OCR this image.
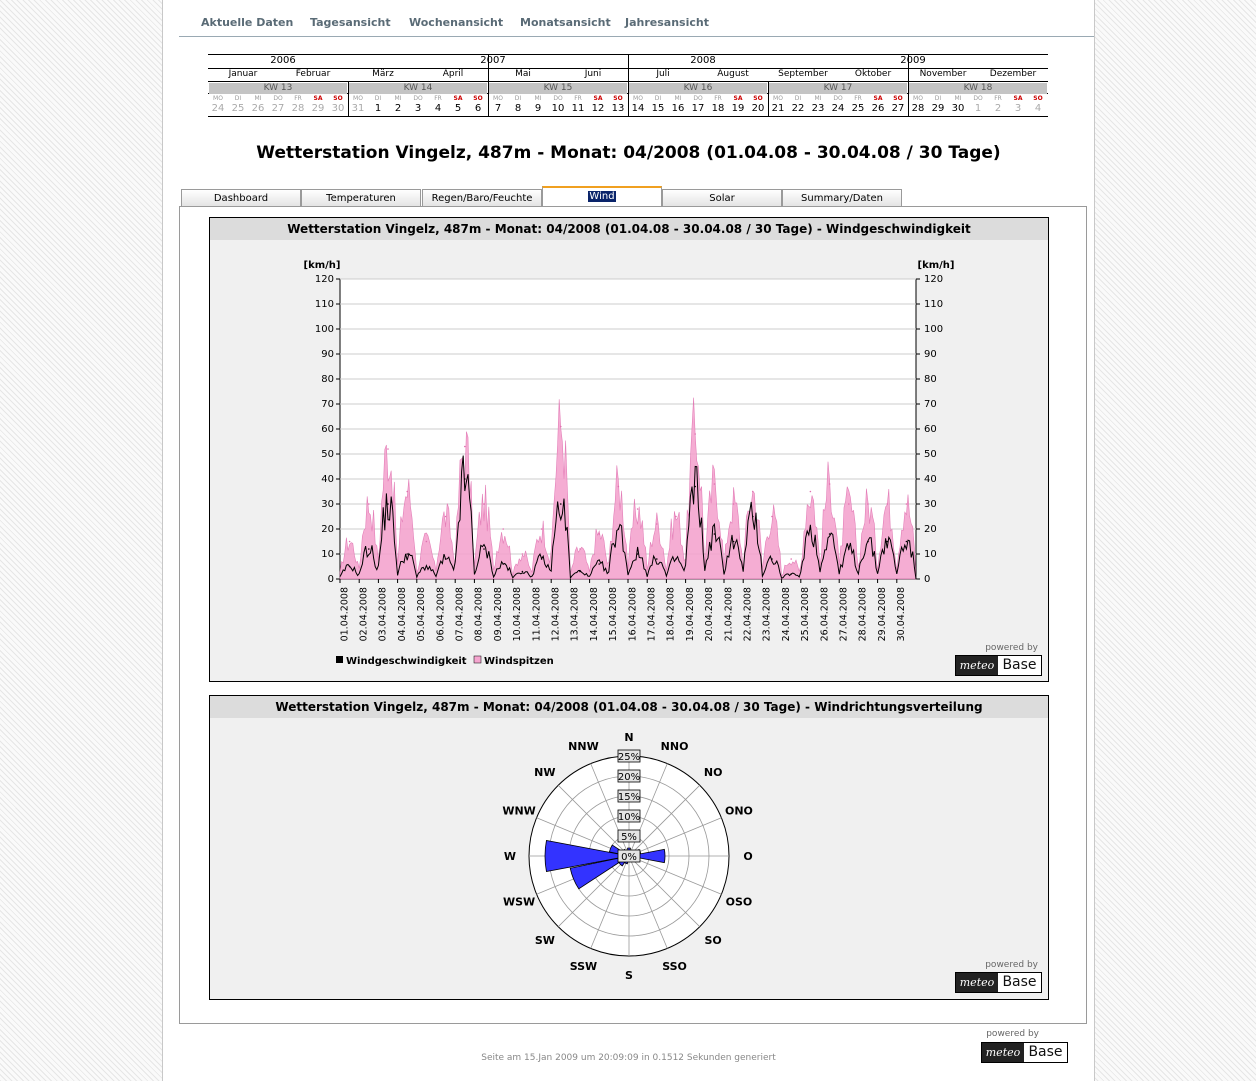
Aktuelle Daten Tagesansicht Wochenansicht Monatsansicht Jahresansicht
2006	2007	2008	2009
Januar	Februar	März	April	Mai	Juni	Juli	August	September	Oktober	November	Dezember
KW 13
MO	DI	MI	DO	FR	SA	SO
24 25 26 27 28 29 30
KW 14
MO	DI	MI	DO	FR	SA	SO
31	1	2	3	4	5	6
KW 15
MO	DI	MI	DO	FR	SA	SO
7	8	9	10 11 12 13
KW 16
MO	DI	MI	DO	FR	SA	SO
14 15 16 17 18 19 20
KW 17
MO	DI	MI	DO	FR	SA	SO
21 22 23 24 25 26 27
KW 18
MO	DI	MI	DO	FR	SA	SO
28 29 30	1	2	3	4
Wetterstation Vingelz, 487m - Monat: 04/2008 (01.04.08 - 30.04.08 / 30 Tage)
Dashboard	Temperaturen	Regen/Baro/Feuchte	Wind	Solar	Summary/Daten
Wetterstation Vingelz, 487m - Monat: 04/2008 (01.04.08 - 30.04.08 / 30 Tage) - Windgeschwindigkeit
0	0
10	10
20	20
30	30
40	40
50	50
60	60
70	70
80	80
90	90
100	100
110	110
120	120
[km/h]	[km/h]
01.04.2008 02.04.2008 03.04.2008 04.04.2008 05.04.2008 06.04.2008 07.04.2008 08.04.2008 09.04.2008 10.04.2008 11.04.2008 12.04.2008 13.04.2008 14.04.2008 15.04.2008 16.04.2008 17.04.2008 18.04.2008 19.04.2008 20.04.2008 21.04.2008 22.04.2008 23.04.2008 24.04.2008 25.04.2008 26.04.2008 27.04.2008 28.04.2008 29.04.2008 30.04.2008
Windgeschwindigkeit Windspitzen
powered by
meteo Base
Wetterstation Vingelz, 487m - Monat: 04/2008 (01.04.08 - 30.04.08 / 30 Tage) - Windrichtungsverteilung
0%
5%
10%
15%
20%
25%
N
NNO
NO
ONO
O
OSO
SO
SSO
S
SSW
SW
WSW
W
WNW
NW
NNW
powered by
meteo Base
powered by
meteo Base
Seite am 15.Jan 2009 um 20:09:09 in 0.1512 Sekunden generiert
